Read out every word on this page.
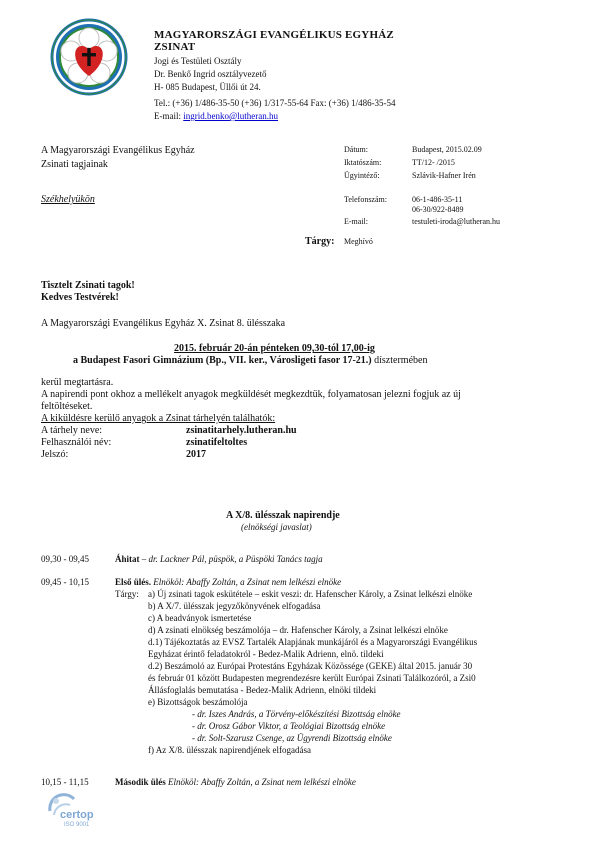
MAGYARORSZÁGI EVANGÉLIKUS EGYHÁZ
ZSINAT
Jogi és Testületi Osztály
Dr. Benkő Ingrid osztályvezető
H- 085 Budapest, Üllői út 24.
Tel.: (+36) 1/486-35-50 (+36) 1/317-55-64 Fax: (+36) 1/486-35-54
E-mail: ingrid.benko@lutheran.hu
A Magyarországi Evangélikus Egyház
Zsinati tagjainak
Székhelyükön
Dátum:	Budapest, 2015.02.09
Iktatószám:	TT/12- /2015
Ügyintéző:	Szlávik-Hafner Irén
Telefonszám:	06-1-486-35-11
06-30/922-8489
E-mail:	testuleti-iroda@lutheran.hu
Tárgy: Meghívó
Tisztelt Zsinati tagok!
Kedves Testvérek!
A Magyarországi Evangélikus Egyház X. Zsinat 8. ülésszaka
2015. február 20-án pénteken 09,30-tól 17,00-ig
a Budapest Fasori Gimnázium (Bp., VII. ker., Városligeti fasor 17-21.) dísztermében
kerül megtartásra.
A napirendi pont okhoz a mellékelt anyagok megküldését megkezdtük, folyamatosan jelezni fogjuk az új
feltöltéseket.
A kiküldésre kerülő anyagok a Zsinat tárhelyén találhatók:
A tárhely neve:	zsinatitarhely.lutheran.hu
Felhasználói név:	zsinatifeltoltes
Jelszó:	2017
A X/8. ülésszak napirendje
(elnökségi javaslat)
09,30 - 09,45	Áhitat – dr. Lackner Pál, püspök, a Püspöki Tanács tagja
09,45 - 10,15	Első ülés. Elnököl: Abaffy Zoltán, a Zsinat nem lelkészi elnöke
Tárgy: a) Új zsinati tagok eskütétele – eskit veszi: dr. Hafenscher Károly, a Zsinat lelkészi elnöke
b) A X/7. ülésszak jegyzőkönyvének elfogadása
c) A beadványok ismertetése
d) A zsinati elnökség beszámolója – dr. Hafenscher Károly, a Zsinat lelkészi elnöke
d.1) Tájékoztatás az EVSZ Tartalék Alapjának munkájáról és a Magyarországi Evangélikus
Egyházat érintő feladatokról - Bedez-Malik Adrienn, elnö. tildeki
d.2) Beszámoló az Európai Protestáns Egyházak Közössége (GEKE) által 2015. január 30
és február 01 között Budapesten megrendezésre került Európai Zsinati Találkozóról, a Zsi0
Állásfoglalás bemutatása - Bedez-Malik Adrienn, elnöki tildeki
e) Bizottságok beszámolója
- dr. Iszes András, a Törvény-előkészítési Bizottság elnöke
- dr. Orosz Gábor Viktor, a Teológiai Bizottság elnöke
- dr. Solt-Szarusz Csenge, az Ügyrendi Bizottság elnöke
f) Az X/8. ülésszak napirendjének elfogadása
10,15 - 11,15	Második ülés Elnököl: Abaffy Zoltán, a Zsinat nem lelkészi elnöke
certop
ISO 9001
